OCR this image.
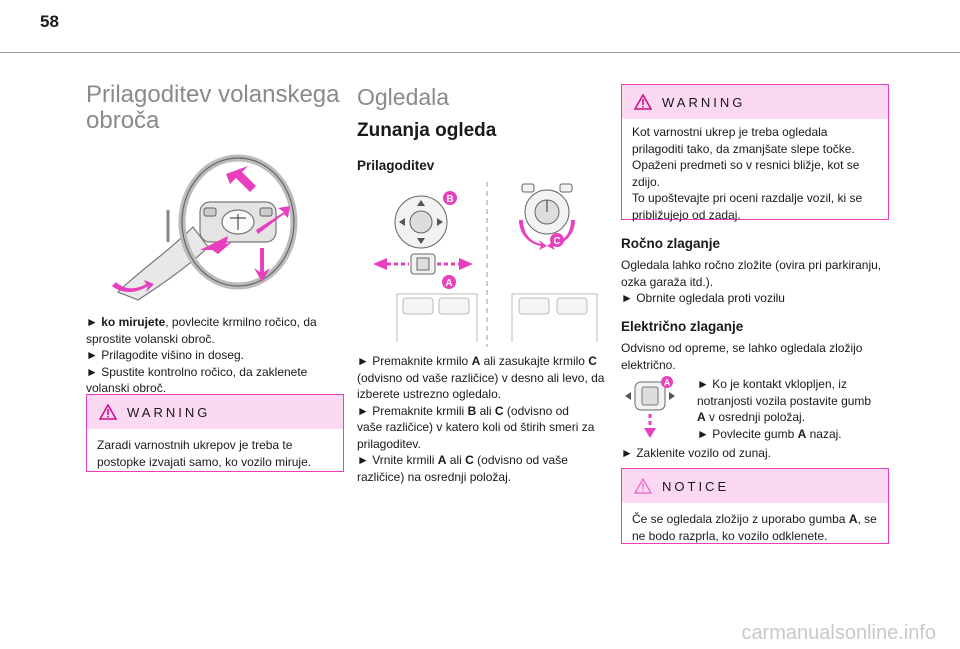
58
Prilagoditev volanskega
obroča

► ko mirujete, povlecite krmilno ročico, da

sprostite volanski obroč.

► Prilagodite višino in doseg.

► Spustite kontrolno ročico, da zaklenete

volanski obroč.

WARNING
Zaradi varnostnih ukrepov je treba te
postopke izvajati samo, ko vozilo miruje.
Ogledala
Zunanja ogleda
Prilagoditev
B
A
C

► Premaknite krmilo A ali zasukajte krmilo C

(odvisno od vaše različice) v desno ali levo, da

izberete ustrezno ogledalo.

► Premaknite krmili B ali C (odvisno od

vaše različice) v katero koli od štirih smeri za

prilagoditev.

► Vrnite krmili A ali C (odvisno od vaše

različice) na osrednji položaj.

WARNING
Kot varnostni ukrep je treba ogledala
prilagoditi tako, da zmanjšate slepe točke.
Opaženi predmeti so v resnici bližje, kot se
zdijo.
To upoštevajte pri oceni razdalje vozil, ki se
približujejo od zadaj.
Ročno zlaganje

Ogledala lahko ročno zložite (ovira pri parkiranju,

ozka garaža itd.).

► Obrnite ogledala proti vozilu

Električno zlaganje

Odvisno od opreme, se lahko ogledala zložijo

električno.

A ► Ko je kontakt vklopljen, iz

notranjosti vozila postavite gumb

A v osrednji položaj.

► Povlecite gumb A nazaj.

► Zaklenite vozilo od zunaj.

NOTICE
Če se ogledala zložijo z uporabo gumba A, se
ne bodo razprla, ko vozilo odklenete.
carmanualsonline.info
